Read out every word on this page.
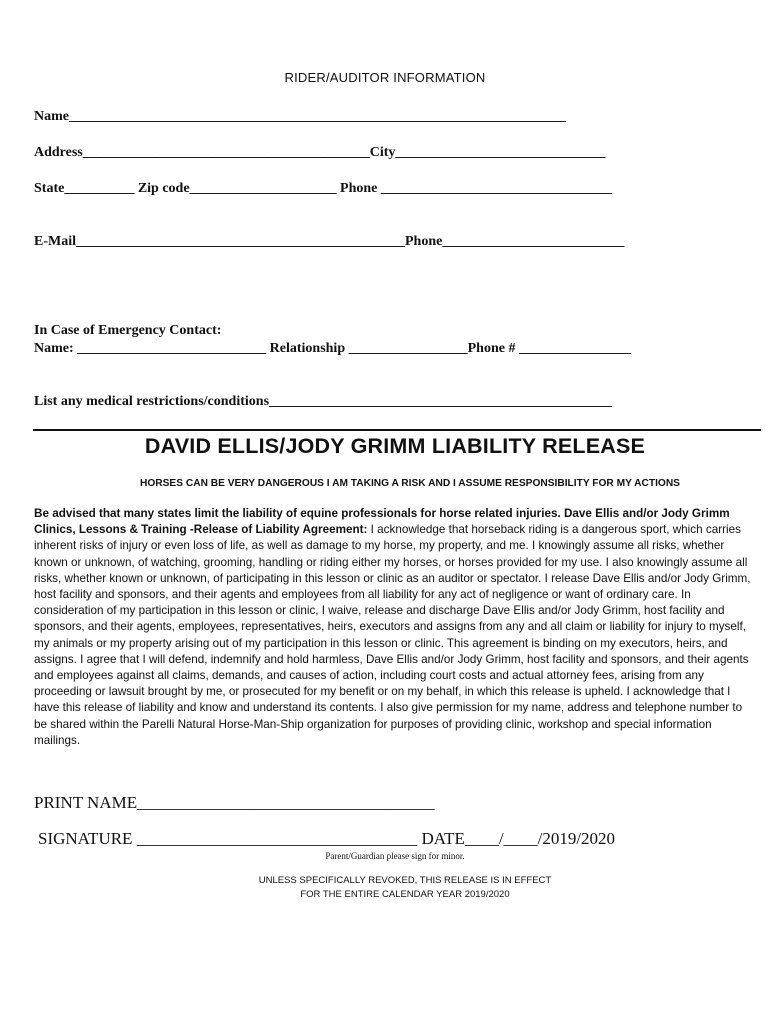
RIDER/AUDITOR INFORMATION
Name_______________________________________________________________________
Address_________________________________________City______________________________
State__________ Zip code_____________________ Phone _________________________________
E-Mail_______________________________________________Phone__________________________
In Case of Emergency Contact:
Name: ___________________________ Relationship _________________Phone # ________________
List any medical restrictions/conditions_________________________________________________
DAVID ELLIS/JODY GRIMM LIABILITY RELEASE
HORSES CAN BE VERY DANGEROUS I AM TAKING A RISK AND I ASSUME RESPONSIBILITY FOR MY ACTIONS
Be advised that many states limit the liability of equine professionals for horse related injuries. Dave Ellis and/or Jody Grimm Clinics, Lessons & Training -Release of Liability Agreement: I acknowledge that horseback riding is a dangerous sport, which carries inherent risks of injury or even loss of life, as well as damage to my horse, my property, and me. I knowingly assume all risks, whether known or unknown, of watching, grooming, handling or riding either my horses, or horses provided for my use. I also knowingly assume all risks, whether known or unknown, of participating in this lesson or clinic as an auditor or spectator. I release Dave Ellis and/or Jody Grimm, host facility and sponsors, and their agents and employees from all liability for any act of negligence or want of ordinary care. In consideration of my participation in this lesson or clinic, I waive, release and discharge Dave Ellis and/or Jody Grimm, host facility and sponsors, and their agents, employees, representatives, heirs, executors and assigns from any and all claim or liability for injury to myself, my animals or my property arising out of my participation in this lesson or clinic. This agreement is binding on my executors, heirs, and assigns. I agree that I will defend, indemnify and hold harmless, Dave Ellis and/or Jody Grimm, host facility and sponsors, and their agents and employees against all claims, demands, and causes of action, including court costs and actual attorney fees, arising from any proceeding or lawsuit brought by me, or prosecuted for my benefit or on my behalf, in which this release is upheld. I acknowledge that I have this release of liability and know and understand its contents. I also give permission for my name, address and telephone number to be shared within the Parelli Natural Horse-Man-Ship organization for purposes of providing clinic, workshop and special information mailings.
PRINT NAME___________________________________
SIGNATURE _________________________________ DATE____/____/2019/2020
Parent/Guardian please sign for minor.
UNLESS SPECIFICALLY REVOKED, THIS RELEASE IS IN EFFECT
FOR THE ENTIRE CALENDAR YEAR 2019/2020
